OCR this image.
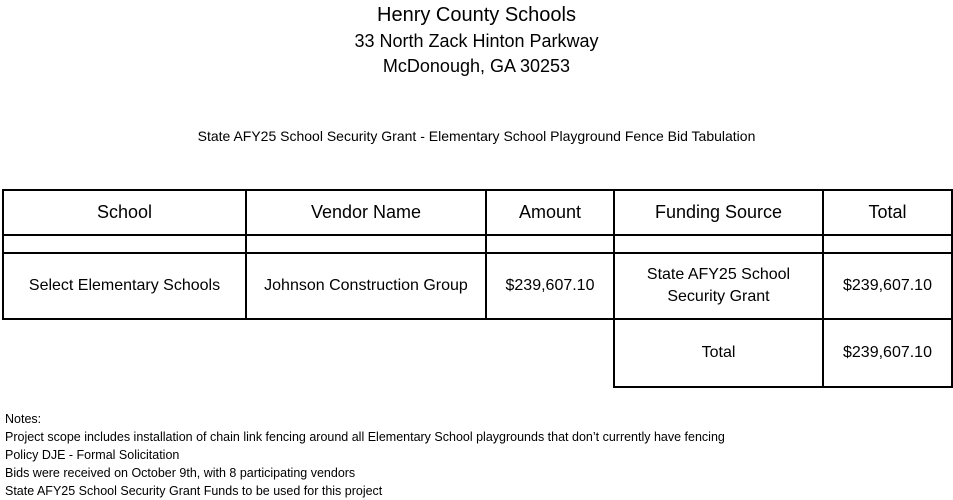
Henry County Schools
33 North Zack Hinton Parkway
McDonough, GA 30253
State AFY25 School Security Grant - Elementary School Playground Fence Bid Tabulation
School	Vendor Name	Amount	Funding Source	Total

Select Elementary Schools	Johnson Construction Group	$239,607.10	State AFY25 School Security Grant	$239,607.10
			Total	$239,607.10
Notes:
Project scope includes installation of chain link fencing around all Elementary School playgrounds that don’t currently have fencing
Policy DJE - Formal Solicitation
Bids were received on October 9th, with 8 participating vendors
State AFY25 School Security Grant Funds to be used for this project
